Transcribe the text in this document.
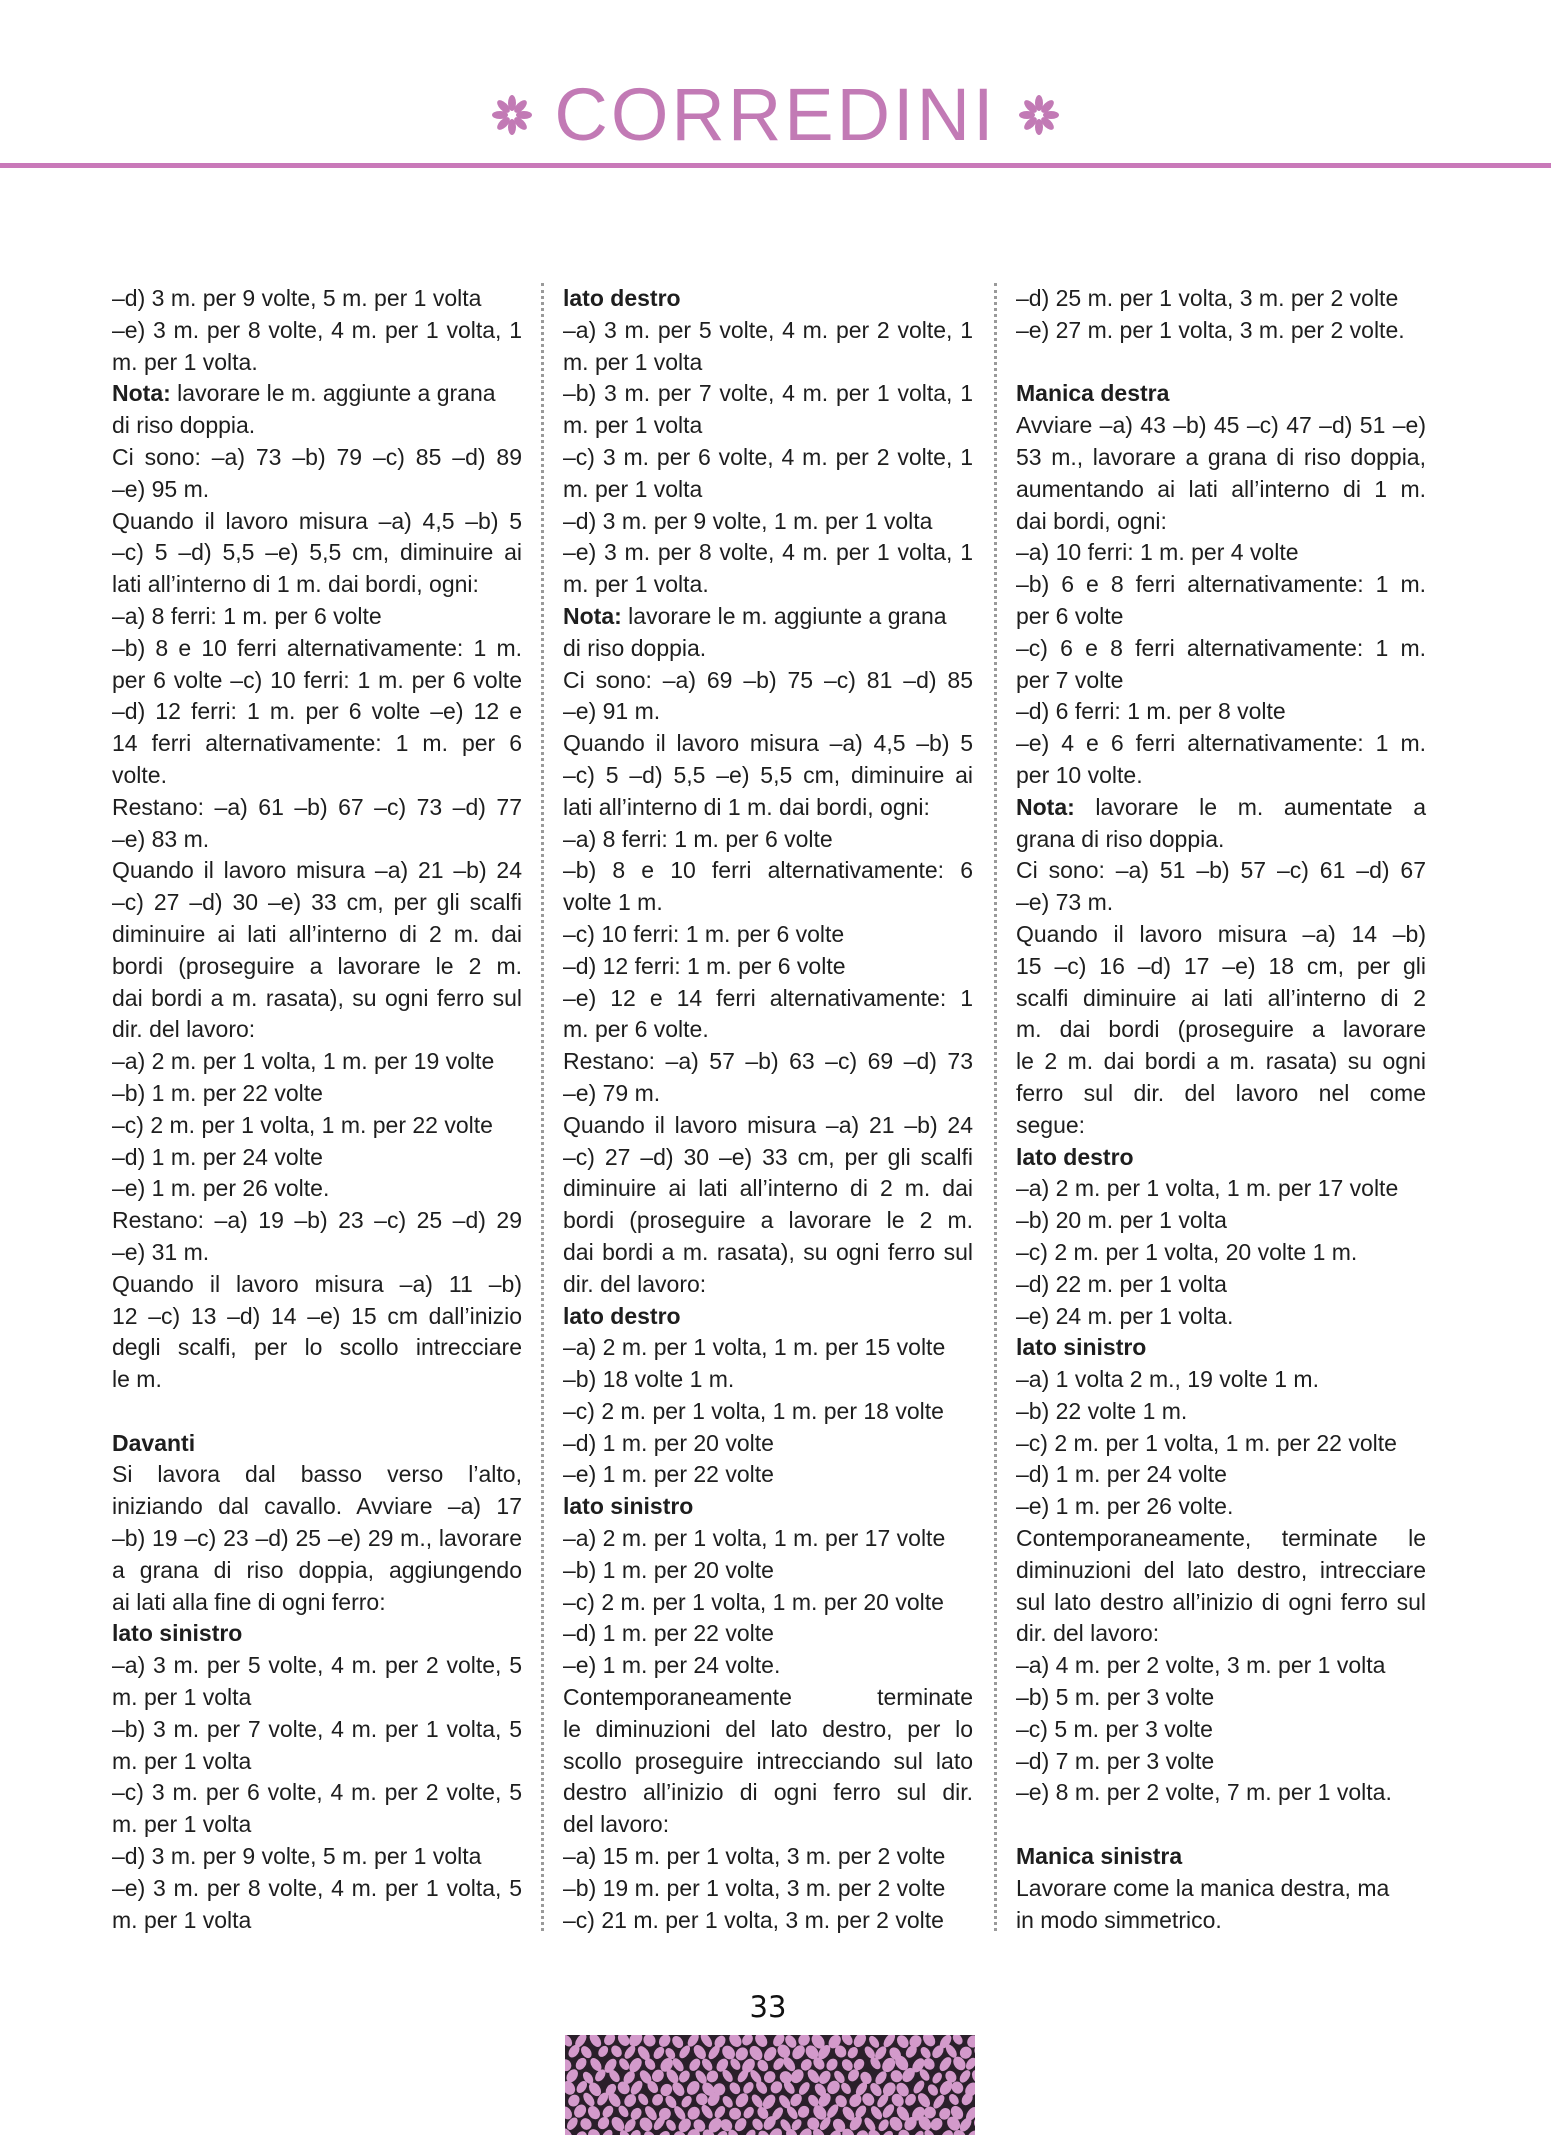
CORREDINI
–d) 3 m. per 9 volte, 5 m. per 1 volta
–e) 3 m. per 8 volte, 4 m. per 1 volta, 1
m. per 1 volta.
Nota: lavorare le m. aggiunte a grana
di riso doppia.
Ci sono: –a) 73 –b) 79 –c) 85 –d) 89
–e) 95 m.
Quando il lavoro misura –a) 4,5 –b) 5
–c) 5 –d) 5,5 –e) 5,5 cm, diminuire ai
lati all’interno di 1 m. dai bordi, ogni:
–a) 8 ferri: 1 m. per 6 volte
–b) 8 e 10 ferri alternativamente: 1 m.
per 6 volte –c) 10 ferri: 1 m. per 6 volte
–d) 12 ferri: 1 m. per 6 volte –e) 12 e
14 ferri alternativamente: 1 m. per 6
volte.
Restano: –a) 61 –b) 67 –c) 73 –d) 77
–e) 83 m.
Quando il lavoro misura –a) 21 –b) 24
–c) 27 –d) 30 –e) 33 cm, per gli scalfi
diminuire ai lati all’interno di 2 m. dai
bordi (proseguire a lavorare le 2 m.
dai bordi a m. rasata), su ogni ferro sul
dir. del lavoro:
–a) 2 m. per 1 volta, 1 m. per 19 volte
–b) 1 m. per 22 volte
–c) 2 m. per 1 volta, 1 m. per 22 volte
–d) 1 m. per 24 volte
–e) 1 m. per 26 volte.
Restano: –a) 19 –b) 23 –c) 25 –d) 29
–e) 31 m.
Quando il lavoro misura –a) 11 –b)
12 –c) 13 –d) 14 –e) 15 cm dall’inizio
degli scalfi, per lo scollo intrecciare
le m.
Davanti
Si lavora dal basso verso l’alto,
iniziando dal cavallo. Avviare –a) 17
–b) 19 –c) 23 –d) 25 –e) 29 m., lavorare
a grana di riso doppia, aggiungendo
ai lati alla fine di ogni ferro:
lato sinistro
–a) 3 m. per 5 volte, 4 m. per 2 volte, 5
m. per 1 volta
–b) 3 m. per 7 volte, 4 m. per 1 volta, 5
m. per 1 volta
–c) 3 m. per 6 volte, 4 m. per 2 volte, 5
m. per 1 volta
–d) 3 m. per 9 volte, 5 m. per 1 volta
–e) 3 m. per 8 volte, 4 m. per 1 volta, 5
m. per 1 volta
lato destro
–a) 3 m. per 5 volte, 4 m. per 2 volte, 1
m. per 1 volta
–b) 3 m. per 7 volte, 4 m. per 1 volta, 1
m. per 1 volta
–c) 3 m. per 6 volte, 4 m. per 2 volte, 1
m. per 1 volta
–d) 3 m. per 9 volte, 1 m. per 1 volta
–e) 3 m. per 8 volte, 4 m. per 1 volta, 1
m. per 1 volta.
Nota: lavorare le m. aggiunte a grana
di riso doppia.
Ci sono: –a) 69 –b) 75 –c) 81 –d) 85
–e) 91 m.
Quando il lavoro misura –a) 4,5 –b) 5
–c) 5 –d) 5,5 –e) 5,5 cm, diminuire ai
lati all’interno di 1 m. dai bordi, ogni:
–a) 8 ferri: 1 m. per 6 volte
–b) 8 e 10 ferri alternativamente: 6
volte 1 m.
–c) 10 ferri: 1 m. per 6 volte
–d) 12 ferri: 1 m. per 6 volte
–e) 12 e 14 ferri alternativamente: 1
m. per 6 volte.
Restano: –a) 57 –b) 63 –c) 69 –d) 73
–e) 79 m.
Quando il lavoro misura –a) 21 –b) 24
–c) 27 –d) 30 –e) 33 cm, per gli scalfi
diminuire ai lati all’interno di 2 m. dai
bordi (proseguire a lavorare le 2 m.
dai bordi a m. rasata), su ogni ferro sul
dir. del lavoro:
lato destro
–a) 2 m. per 1 volta, 1 m. per 15 volte
–b) 18 volte 1 m.
–c) 2 m. per 1 volta, 1 m. per 18 volte
–d) 1 m. per 20 volte
–e) 1 m. per 22 volte
lato sinistro
–a) 2 m. per 1 volta, 1 m. per 17 volte
–b) 1 m. per 20 volte
–c) 2 m. per 1 volta, 1 m. per 20 volte
–d) 1 m. per 22 volte
–e) 1 m. per 24 volte.
Contemporaneamente terminate
le diminuzioni del lato destro, per lo
scollo proseguire intrecciando sul lato
destro all’inizio di ogni ferro sul dir.
del lavoro:
–a) 15 m. per 1 volta, 3 m. per 2 volte
–b) 19 m. per 1 volta, 3 m. per 2 volte
–c) 21 m. per 1 volta, 3 m. per 2 volte
–d) 25 m. per 1 volta, 3 m. per 2 volte
–e) 27 m. per 1 volta, 3 m. per 2 volte.
Manica destra
Avviare –a) 43 –b) 45 –c) 47 –d) 51 –e)
53 m., lavorare a grana di riso doppia,
aumentando ai lati all’interno di 1 m.
dai bordi, ogni:
–a) 10 ferri: 1 m. per 4 volte
–b) 6 e 8 ferri alternativamente: 1 m.
per 6 volte
–c) 6 e 8 ferri alternativamente: 1 m.
per 7 volte
–d) 6 ferri: 1 m. per 8 volte
–e) 4 e 6 ferri alternativamente: 1 m.
per 10 volte.
Nota: lavorare le m. aumentate a
grana di riso doppia.
Ci sono: –a) 51 –b) 57 –c) 61 –d) 67
–e) 73 m.
Quando il lavoro misura –a) 14 –b)
15 –c) 16 –d) 17 –e) 18 cm, per gli
scalfi diminuire ai lati all’interno di 2
m. dai bordi (proseguire a lavorare
le 2 m. dai bordi a m. rasata) su ogni
ferro sul dir. del lavoro nel come
segue:
lato destro
–a) 2 m. per 1 volta, 1 m. per 17 volte
–b) 20 m. per 1 volta
–c) 2 m. per 1 volta, 20 volte 1 m.
–d) 22 m. per 1 volta
–e) 24 m. per 1 volta.
lato sinistro
–a) 1 volta 2 m., 19 volte 1 m.
–b) 22 volte 1 m.
–c) 2 m. per 1 volta, 1 m. per 22 volte
–d) 1 m. per 24 volte
–e) 1 m. per 26 volte.
Contemporaneamente, terminate le
diminuzioni del lato destro, intrecciare
sul lato destro all’inizio di ogni ferro sul
dir. del lavoro:
–a) 4 m. per 2 volte, 3 m. per 1 volta
–b) 5 m. per 3 volte
–c) 5 m. per 3 volte
–d) 7 m. per 3 volte
–e) 8 m. per 2 volte, 7 m. per 1 volta.
Manica sinistra
Lavorare come la manica destra, ma
in modo simmetrico.
33
